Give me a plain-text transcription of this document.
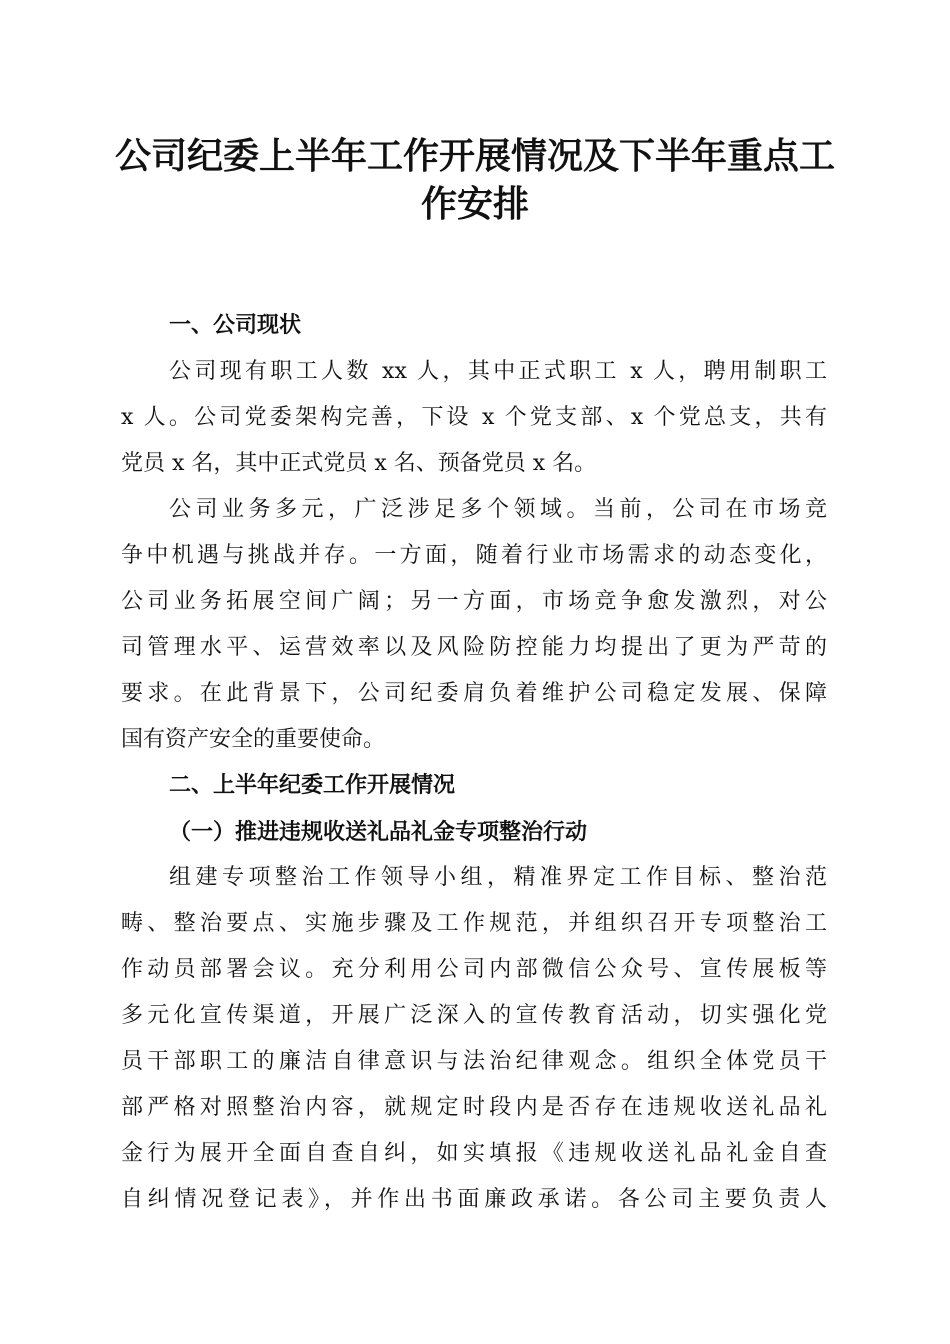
公司纪委上半年工作开展情况及下半年重点工
作安排
一、公司现状
公司现有职工人数 xx 人，其中正式职工 x 人，聘用制职工
x 人。公司党委架构完善，下设 x 个党支部、x 个党总支，共有
党员 x 名，其中正式党员 x 名、预备党员 x 名。
公司业务多元，广泛涉足多个领域。当前，公司在市场竞
争中机遇与挑战并存。一方面，随着行业市场需求的动态变化，
公司业务拓展空间广阔；另一方面，市场竞争愈发激烈，对公
司管理水平、运营效率以及风险防控能力均提出了更为严苛的
要求。在此背景下，公司纪委肩负着维护公司稳定发展、保障
国有资产安全的重要使命。
二、上半年纪委工作开展情况
（一）推进违规收送礼品礼金专项整治行动
组建专项整治工作领导小组，精准界定工作目标、整治范
畴、整治要点、实施步骤及工作规范，并组织召开专项整治工
作动员部署会议。充分利用公司内部微信公众号、宣传展板等
多元化宣传渠道，开展广泛深入的宣传教育活动，切实强化党
员干部职工的廉洁自律意识与法治纪律观念。组织全体党员干
部严格对照整治内容，就规定时段内是否存在违规收送礼品礼
金行为展开全面自查自纠，如实填报《违规收送礼品礼金自查
自纠情况登记表》，并作出书面廉政承诺。各公司主要负责人
